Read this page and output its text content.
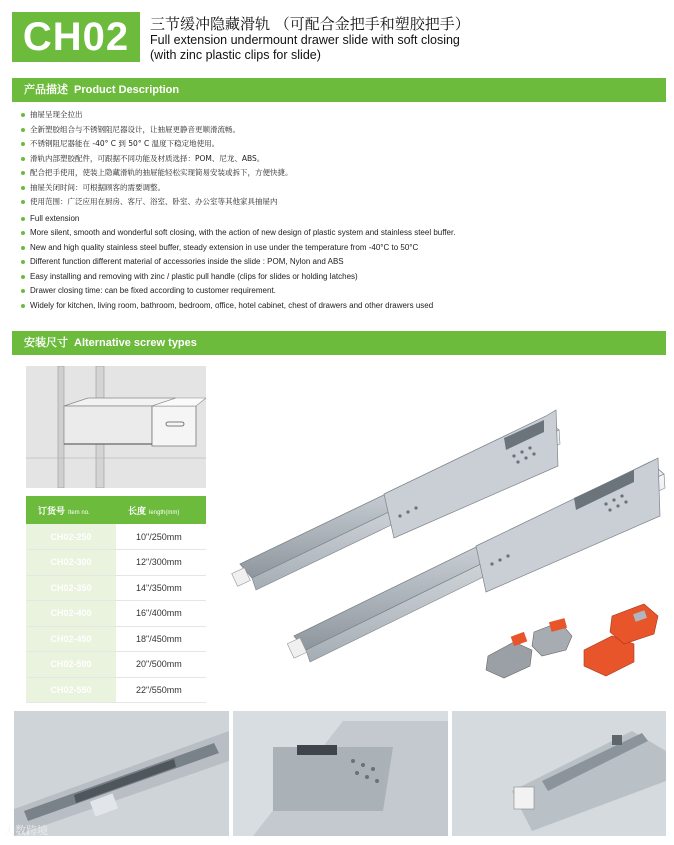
CH02	三节缓冲隐藏滑轨 （可配合金把手和塑胶把手）
Full extension undermount drawer slide with soft closing
(with zinc plastic clips for slide)
产品描述 Product Description
抽屉呈现全拉出
全新塑胶组合与不锈钢阻尼器设计，让抽屉更静音更顺滑流畅。
不锈钢阻尼器能在 -40° C 到 50° C 温度下稳定地使用。
滑轨内部塑胶配件，可跟据不同功能及材质选择：POM、尼龙、ABS。
配合把手使用，使装上隐藏滑轨的抽屉能轻松实现简易安装或拆下，方便快捷。
抽屉关闭时间：可根据顾客的需要调整。
使用范围：广泛应用在厨房、客厅、浴室、卧室、办公室等其他家具抽屉内
Full extension
More silent, smooth and wonderful soft closing, with the action of new design of plastic system and stainless steel buffer.
New and high quality stainless steel buffer, steady extension in use under the temperature from -40°C to 50°C
Different function different material of accessories inside the slide : POM, Nylon and ABS
Easy installing and removing with zinc / plastic pull handle (clips for slides or holding latches)
Drawer closing time: can be fixed according to customer requirement.
Widely for kitchen, living room, bathroom, bedroom, office, hotel cabinet, chest of drawers and other drawers used
安装尺寸 Alternative screw types
订货号 Item no.	长度 length(mm)
CH02-250	10"/250mm
CH02-300	12"/300mm
CH02-350	14"/350mm
CH02-400	16"/400mm
CH02-450	18"/450mm
CH02-500	20"/500mm
CH02-550	22"/550mm
大数跨境
